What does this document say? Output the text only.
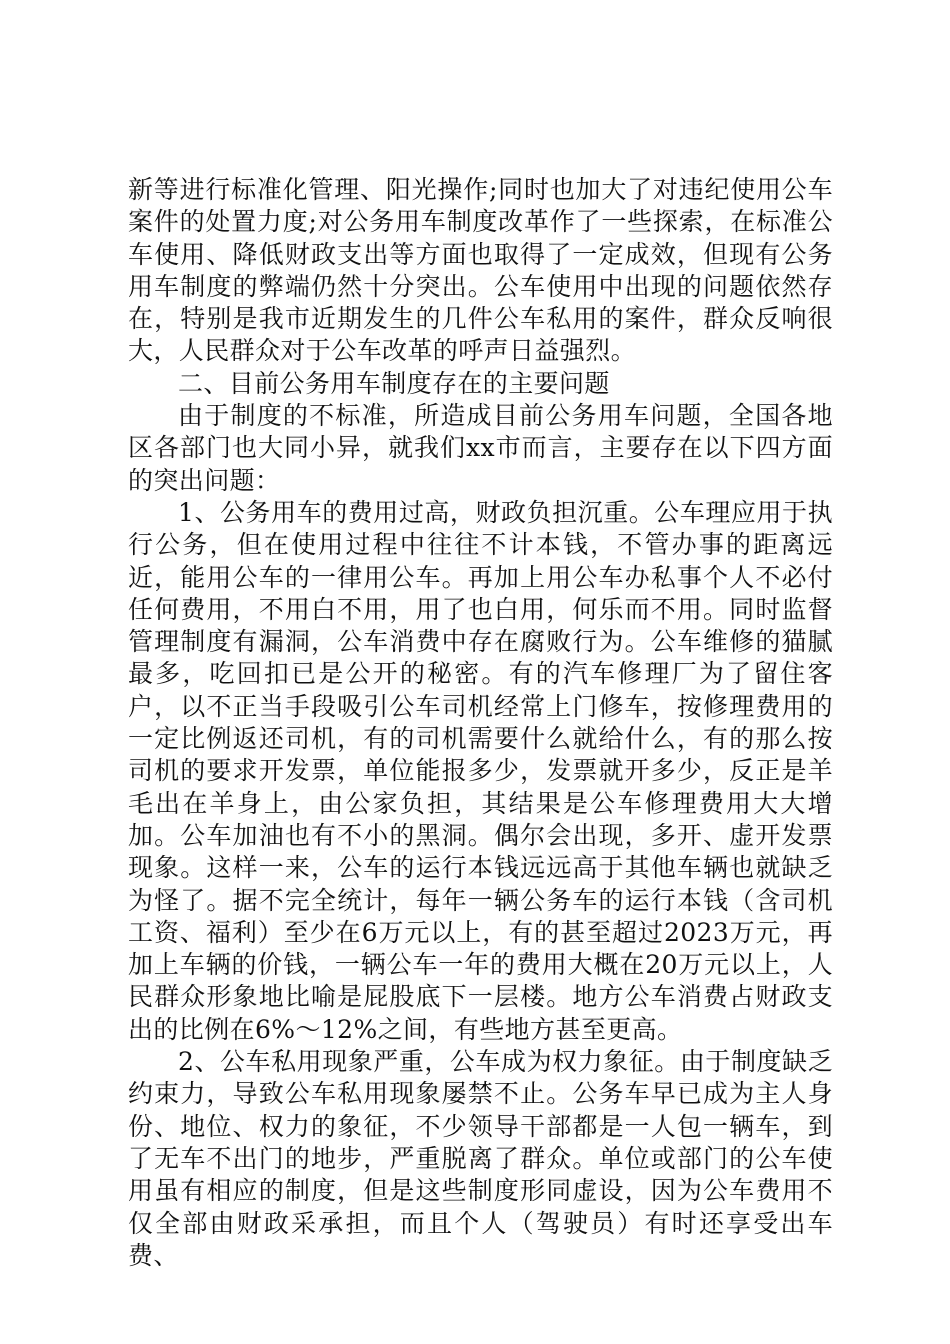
新等进行标准化管理、阳光操作;同时也加大了对违纪使用公车案件的处置力度;对公务用车制度改革作了一些探索，在标准公车使用、降低财政支出等方面也取得了一定成效，但现有公务用车制度的弊端仍然十分突出。公车使用中出现的问题依然存在，特别是我市近期发生的几件公车私用的案件，群众反响很大，人民群众对于公车改革的呼声日益强烈。

二、目前公务用车制度存在的主要问题

由于制度的不标准，所造成目前公务用车问题，全国各地区各部门也大同小异，就我们xx市而言，主要存在以下四方面的突出问题：

1、公务用车的费用过高，财政负担沉重。公车理应用于执行公务，但在使用过程中往往不计本钱，不管办事的距离远近，能用公车的一律用公车。再加上用公车办私事个人不必付任何费用，不用白不用，用了也白用，何乐而不用。同时监督管理制度有漏洞，公车消费中存在腐败行为。公车维修的猫腻最多，吃回扣已是公开的秘密。有的汽车修理厂为了留住客户，以不正当手段吸引公车司机经常上门修车，按修理费用的一定比例返还司机，有的司机需要什么就给什么，有的那么按司机的要求开发票，单位能报多少，发票就开多少，反正是羊毛出在羊身上，由公家负担，其结果是公车修理费用大大增加。公车加油也有不小的黑洞。偶尔会出现，多开、虚开发票现象。这样一来，公车的运行本钱远远高于其他车辆也就缺乏为怪了。据不完全统计，每年一辆公务车的运行本钱（含司机工资、福利）至少在6万元以上，有的甚至超过2023万元，再加上车辆的价钱，一辆公车一年的费用大概在20万元以上，人民群众形象地比喻是屁股底下一层楼。地方公车消费占财政支出的比例在6%～12%之间，有些地方甚至更高。

2、公车私用现象严重，公车成为权力象征。由于制度缺乏约束力，导致公车私用现象屡禁不止。公务车早已成为主人身份、地位、权力的象征，不少领导干部都是一人包一辆车，到了无车不出门的地步，严重脱离了群众。单位或部门的公车使用虽有相应的制度，但是这些制度形同虚设，因为公车费用不仅全部由财政采承担，而且个人（驾驶员）有时还享受出车费、
